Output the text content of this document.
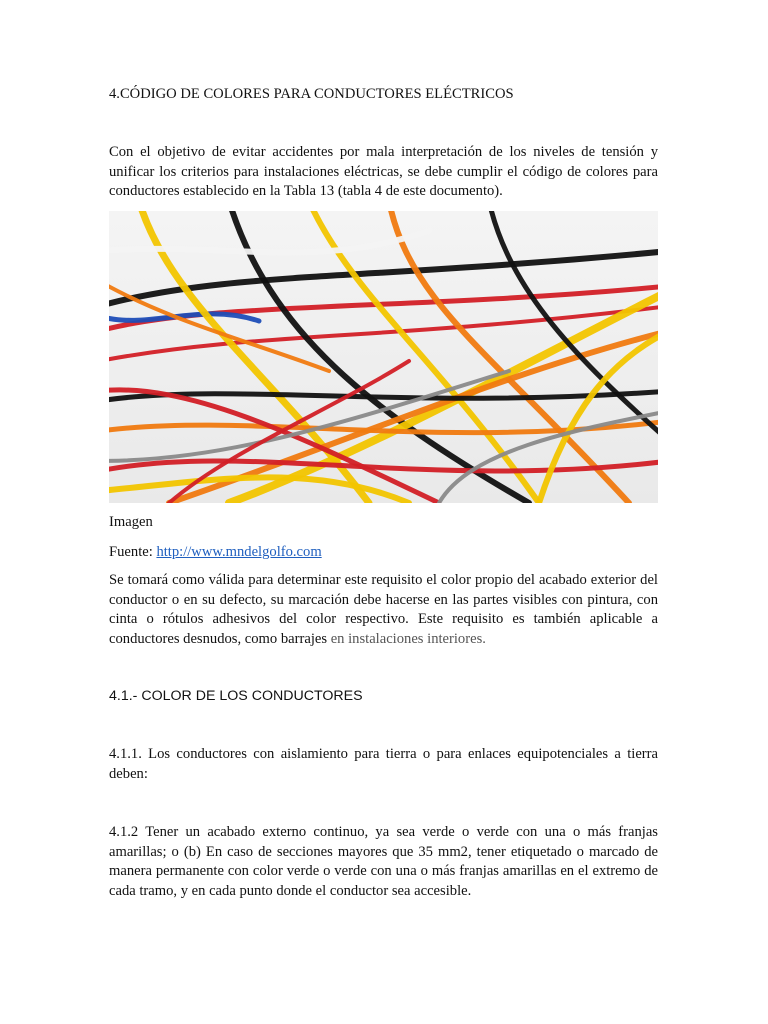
4.CÓDIGO DE COLORES PARA CONDUCTORES ELÉCTRICOS

Con el objetivo de evitar accidentes por mala interpretación de los niveles de tensión y unificar los criterios para instalaciones eléctricas, se debe cumplir el código de colores para conductores establecido en la Tabla 13 (tabla 4 de este documento).

Imagen

Fuente: http://www.mndelgolfo.com

Se tomará como válida para determinar este requisito el color propio del acabado exterior del conductor o en su defecto, su marcación debe hacerse en las partes visibles con pintura, con cinta o rótulos adhesivos del color respectivo. Este requisito es también aplicable a conductores desnudos, como barrajes en instalaciones interiores.

4.1.- COLOR DE LOS CONDUCTORES

4.1.1. Los conductores con aislamiento para tierra o para enlaces equipotenciales a tierra deben:

4.1.2 Tener un acabado externo continuo, ya sea verde o verde con una o más franjas amarillas; o (b) En caso de secciones mayores que 35 mm2, tener etiquetado o marcado de manera permanente con color verde o verde con una o más franjas amarillas en el extremo de cada tramo, y en cada punto donde el conductor sea accesible.
